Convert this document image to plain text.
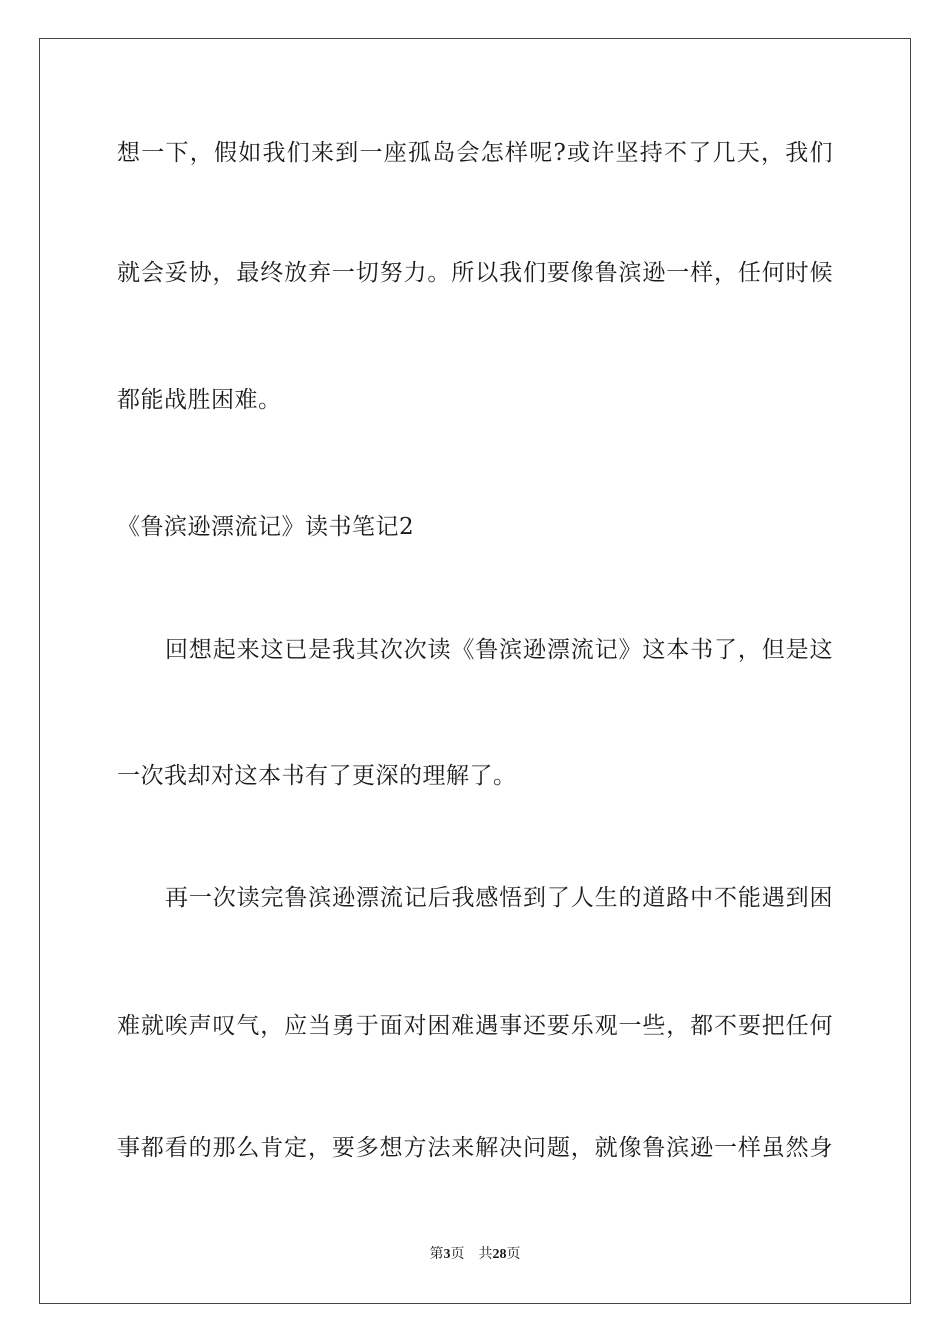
想一下，假如我们来到一座孤岛会怎样呢?或许坚持不了几天，我们
就会妥协，最终放弃一切努力。所以我们要像鲁滨逊一样，任何时候
都能战胜困难。
《鲁滨逊漂流记》读书笔记2
回想起来这已是我其次次读《鲁滨逊漂流记》这本书了，但是这
一次我却对这本书有了更深的理解了。
再一次读完鲁滨逊漂流记后我感悟到了人生的道路中不能遇到困
难就唉声叹气，应当勇于面对困难遇事还要乐观一些，都不要把任何
事都看的那么肯定，要多想方法来解决问题，就像鲁滨逊一样虽然身
第3页 共28页
